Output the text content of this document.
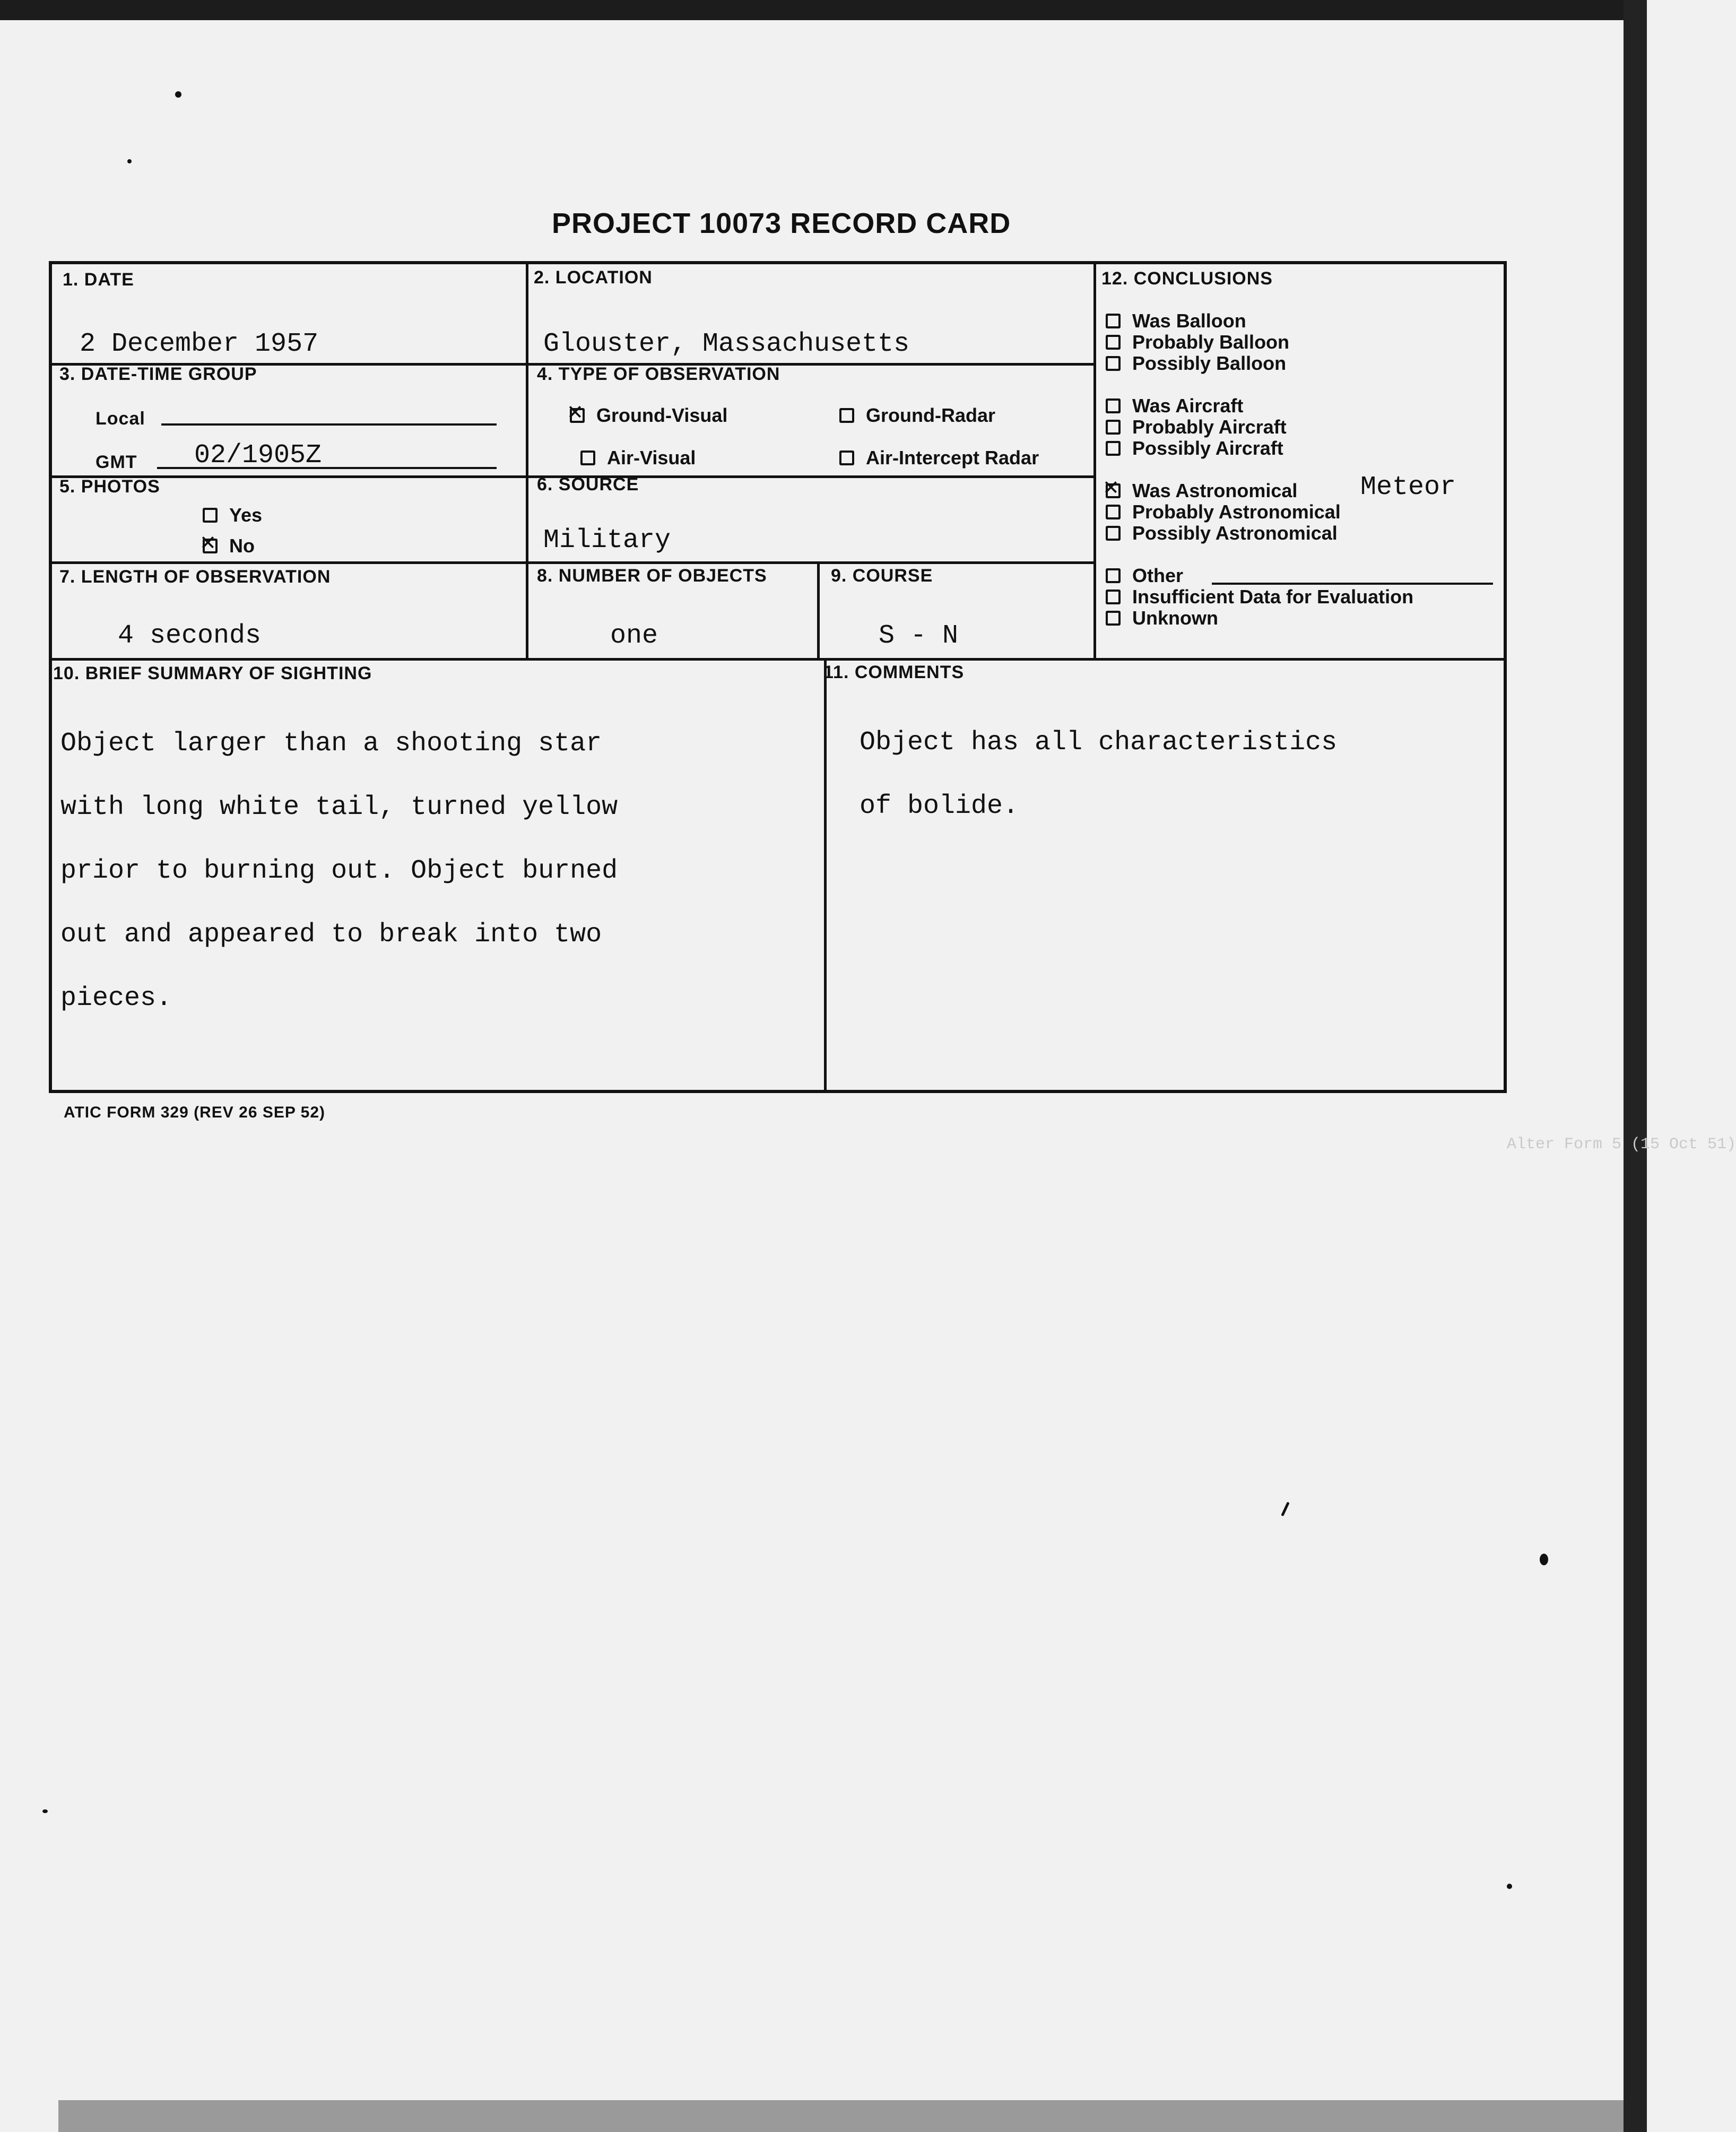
Alter Form 5 (15 Oct 51)
PROJECT 10073 RECORD CARD
1. DATE
2 December 1957
2. LOCATION
Glouster, Massachusetts
3. DATE-TIME GROUP
Local
GMT 02/1905Z
4. TYPE OF OBSERVATION
✕
Ground-Visual	Ground-Radar
Air-Visual	Air-Intercept Radar
5. PHOTOS
Yes
✕
No
6. SOURCE
Military
7. LENGTH OF OBSERVATION
4 seconds
8. NUMBER OF OBJECTS
one
9. COURSE
S - N
10. BRIEF SUMMARY OF SIGHTING

Object larger than a shooting star

with long white tail, turned yellow

prior to burning out. Object burned

out and appeared to break into two

pieces.

11. COMMENTS

Object has all characteristics

of bolide.

12. CONCLUSIONS
Was Balloon
Probably Balloon
Possibly Balloon
Was Aircraft
Probably Aircraft
Possibly Aircraft
✕
Was Astronomical Meteor
Probably Astronomical
Possibly Astronomical
Other
Insufficient Data for Evaluation
Unknown
ATIC FORM 329 (REV 26 SEP 52)
